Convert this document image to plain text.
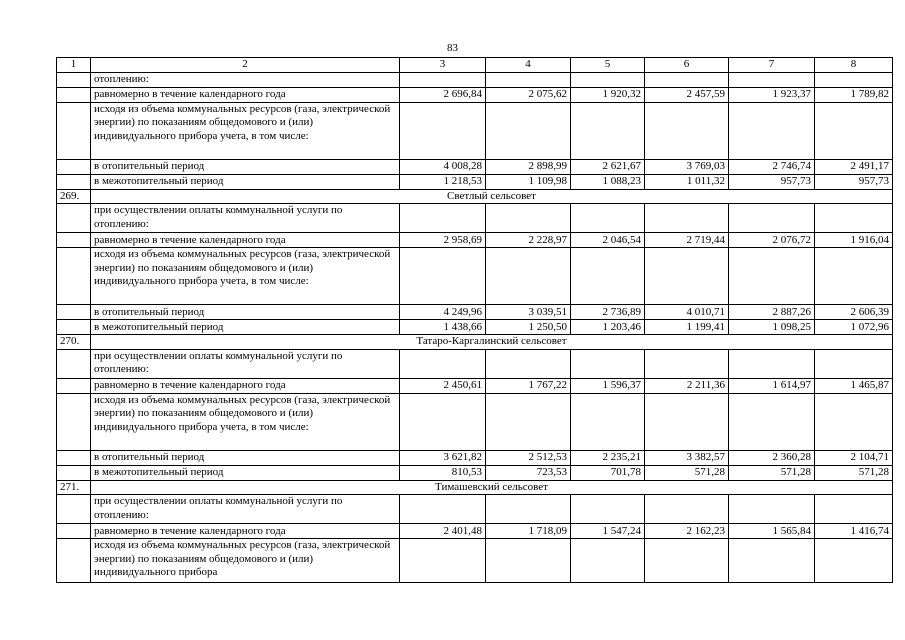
83
1	2	3	4	5	6	7	8
	отоплению:						
	равномерно в течение календарного года	2 696,84	2 075,62	1 920,32	2 457,59	1 923,37	1 789,82
	исходя из объема коммунальных ресурсов (газа, электрической энергии) по показаниям общедомового и (или) индивидуального прибора учета, в том числе:						
	в отопительный период	4 008,28	2 898,99	2 621,67	3 769,03	2 746,74	2 491,17
	в межотопительный период	1 218,53	1 109,98	1 088,23	1 011,32	957,73	957,73
269.	Светлый сельсовет						
	при осуществлении оплаты коммунальной услуги по отоплению:						
	равномерно в течение календарного года	2 958,69	2 228,97	2 046,54	2 719,44	2 076,72	1 916,04
	исходя из объема коммунальных ресурсов (газа, электрической энергии) по показаниям общедомового и (или) индивидуального прибора учета, в том числе:						
	в отопительный период	4 249,96	3 039,51	2 736,89	4 010,71	2 887,26	2 606,39
	в межотопительный период	1 438,66	1 250,50	1 203,46	1 199,41	1 098,25	1 072,96
270.	Татаро-Каргалинский сельсовет						
	при осуществлении оплаты коммунальной услуги по отоплению:						
	равномерно в течение календарного года	2 450,61	1 767,22	1 596,37	2 211,36	1 614,97	1 465,87
	исходя из объема коммунальных ресурсов (газа, электрической энергии) по показаниям общедомового и (или) индивидуального прибора учета, в том числе:						
	в отопительный период	3 621,82	2 512,53	2 235,21	3 382,57	2 360,28	2 104,71
	в межотопительный период	810,53	723,53	701,78	571,28	571,28	571,28
271.	Тимашевский сельсовет						
	при осуществлении оплаты коммунальной услуги по отоплению:						
	равномерно в течение календарного года	2 401,48	1 718,09	1 547,24	2 162,23	1 565,84	1 416,74
	исходя из объема коммунальных ресурсов (газа, электрической энергии) по показаниям общедомового и (или) индивидуального прибора						
